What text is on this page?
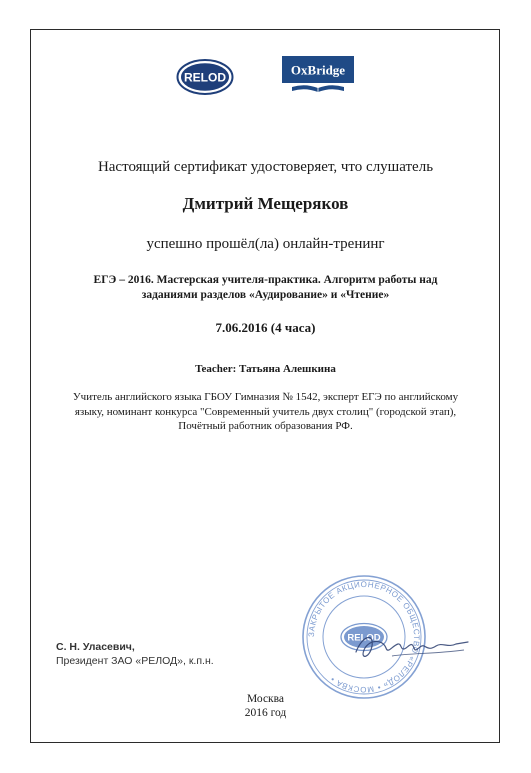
RELOD	OxBridge
Настоящий сертификат удостоверяет, что слушатель
Дмитрий Мещеряков
успешно прошёл(ла) онлайн-тренинг
ЕГЭ – 2016. Мастерская учителя-практика. Алгоритм работы над
заданиями разделов «Аудирование» и «Чтение»
7.06.2016 (4 часа)
Teacher: Татьяна Алешкина
Учитель английского языка ГБОУ Гимназия № 1542, эксперт ЕГЭ по английскому
языку, номинант конкурса "Современный учитель двух столиц" (городской этап),
Почётный работник образования РФ.
С. Н. Уласевич,
Президент ЗАО «РЕЛОД», к.п.н.
ЗАКРЫТОЕ АКЦИОНЕРНОЕ ОБЩЕСТВО «РЕЛОД» • МОСКВА •
RELOD
Москва
2016 год
